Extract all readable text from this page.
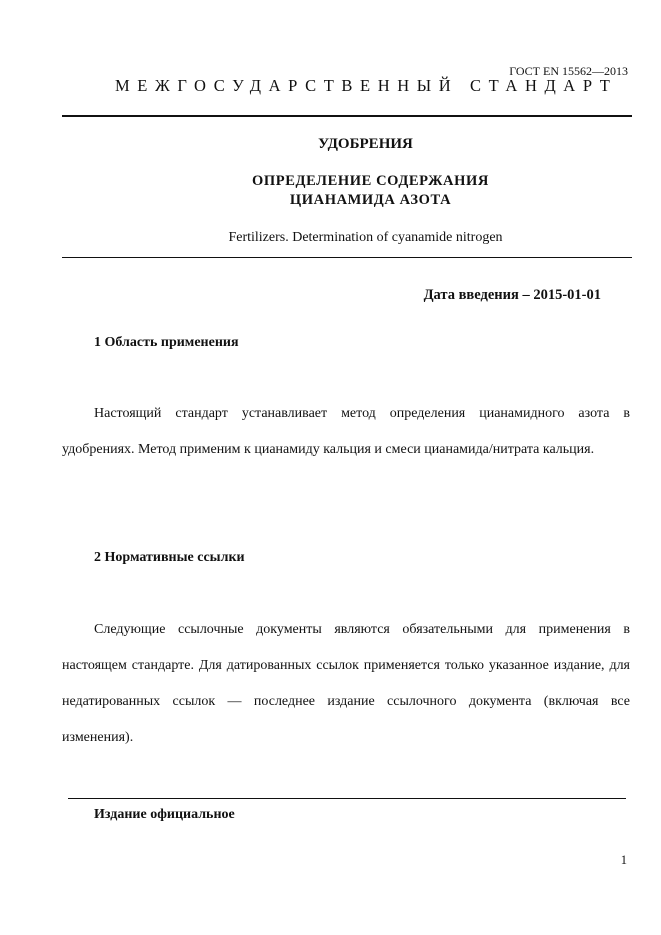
ГОСТ EN 15562—2013

МЕЖГОСУДАРСТВЕННЫЙ СТАНДАРТ

УДОБРЕНИЯ

ОПРЕДЕЛЕНИЕ СОДЕРЖАНИЯ

ЦИАНАМИДА АЗОТА

Fertilizers. Determination of cyanamide nitrogen

Дата введения – 2015-01-01

1 Область применения

Настоящий стандарт устанавливает метод определения цианамидного азота в удобрениях. Метод применим к цианамиду кальция и смеси цианамида/нитрата кальция.

2 Нормативные ссылки

Следующие ссылочные документы являются обязательными для применения в настоящем стандарте. Для датированных ссылок применяется только указанное издание, для недатированных ссылок — последнее издание ссылочного документа (включая все изменения).

Издание официальное

1
